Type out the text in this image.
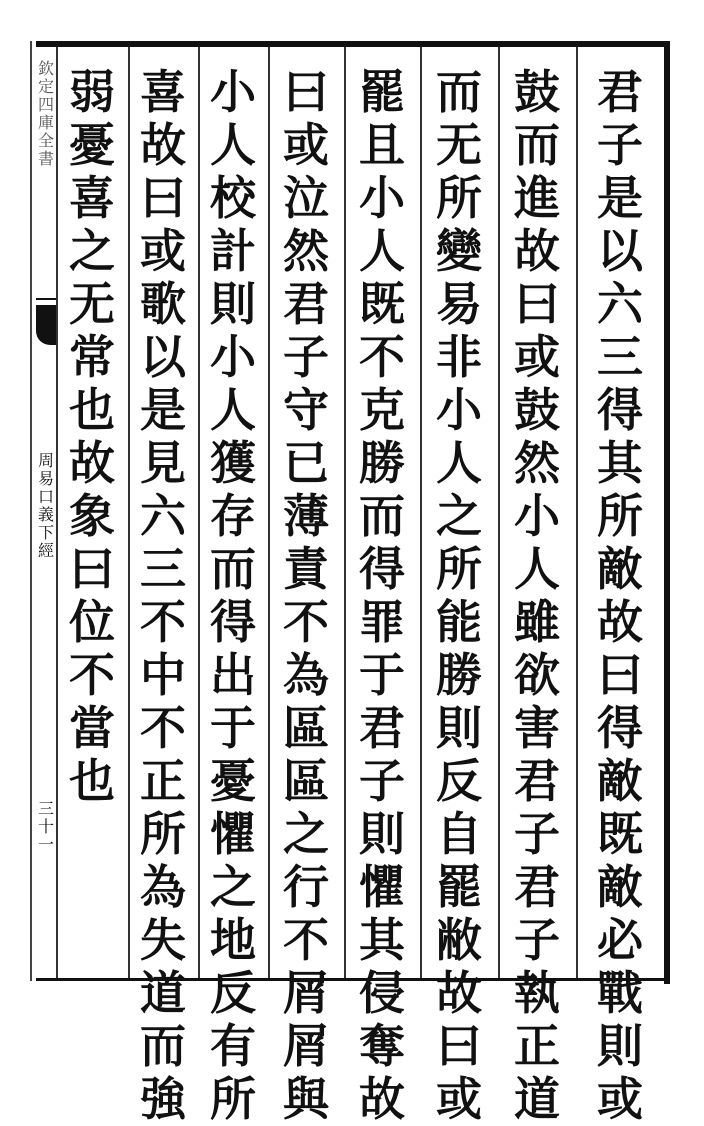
欽
定
四
庫
全
書
周
易
口
義
下
經
三
十
一
君
子
是
以
六
三
得
其
所
敵
故
曰
得
敵
既
敵
必
戰
則
或
鼓
而
進
故
曰
或
鼓
然
小
人
雖
欲
害
君
子
君
子
執
正
道
而
无
所
變
易
非
小
人
之
所
能
勝
則
反
自
罷
敝
故
曰
或
罷
且
小
人
既
不
克
勝
而
得
罪
于
君
子
則
懼
其
侵
奪
故
曰
或
泣
然
君
子
守
已
薄
責
不
為
區
區
之
行
不
屑
屑
與
小
人
校
計
則
小
人
獲
存
而
得
出
于
憂
懼
之
地
反
有
所
喜
故
曰
或
歌
以
是
見
六
三
不
中
不
正
所
為
失
道
而
強
弱
憂
喜
之
无
常
也
故
象
曰
位
不
當
也
